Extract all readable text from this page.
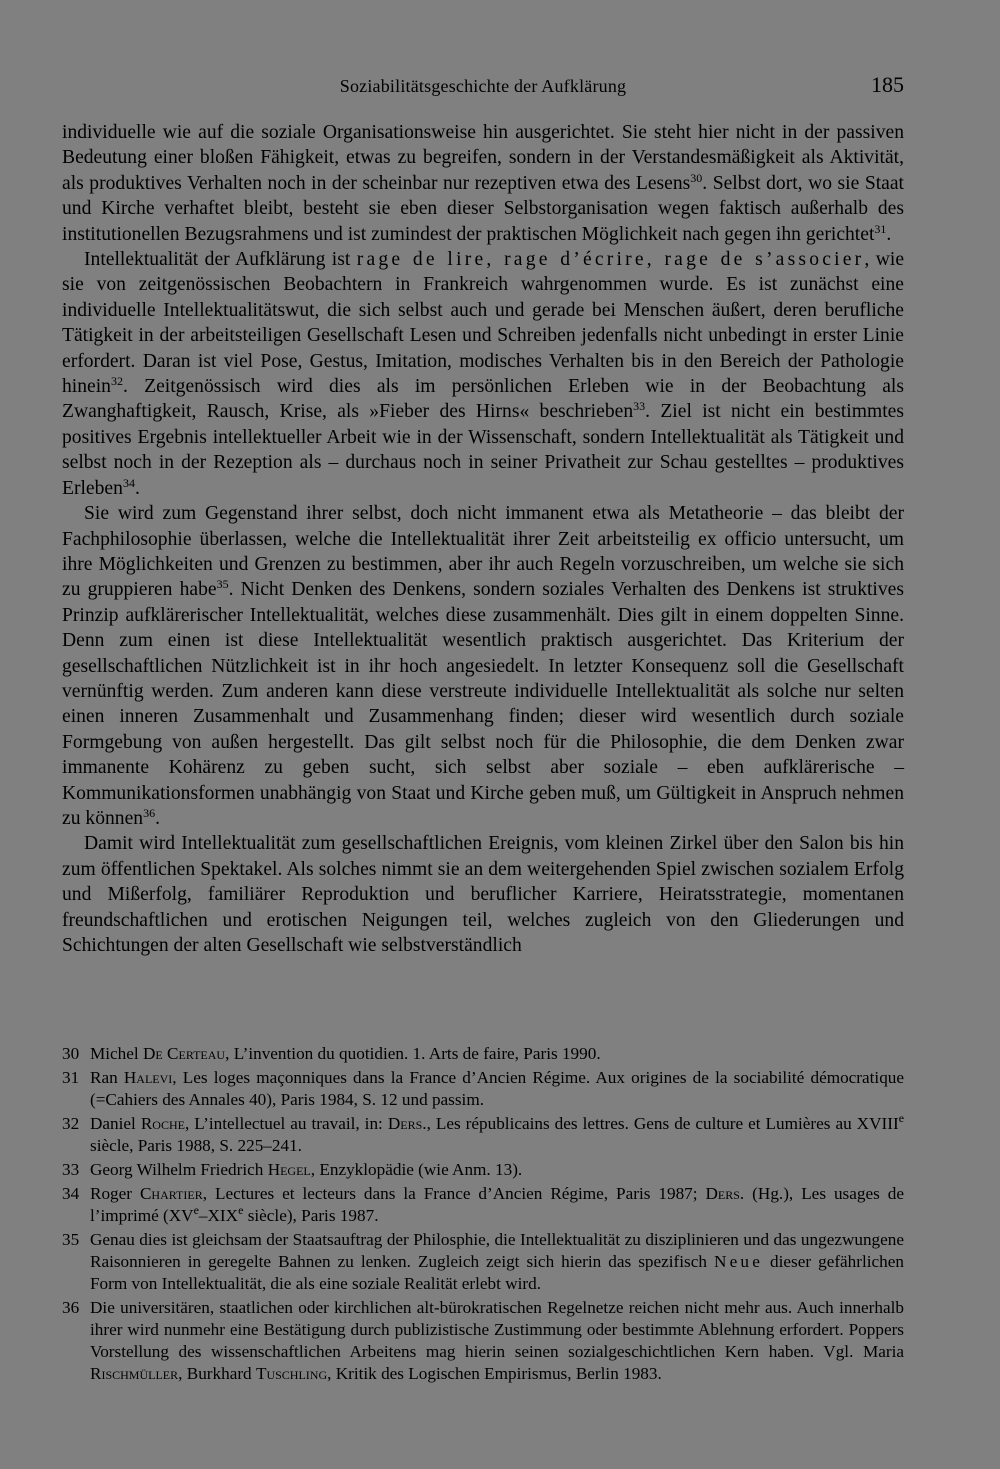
Soziabilitätsgeschichte der Aufklärung	185

individuelle wie auf die soziale Organisationsweise hin ausgerichtet. Sie steht hier nicht in der passiven Bedeutung einer bloßen Fähigkeit, etwas zu begreifen, sondern in der Verstandesmäßigkeit als Aktivität, als produktives Verhalten noch in der scheinbar nur rezeptiven etwa des Lesens$^{30}$. Selbst dort, wo sie Staat und Kirche verhaftet bleibt, besteht sie eben dieser Selbstorganisation wegen faktisch außerhalb des institutionellen Bezugsrahmens und ist zumindest der praktischen Möglichkeit nach gegen ihn gerichtet$^{31}$.

Intellektualität der Aufklärung ist rage de lire, rage d’écrire, rage de s’associer, wie sie von zeitgenössischen Beobachtern in Frankreich wahrgenommen wurde. Es ist zunächst eine individuelle Intellektualitätswut, die sich selbst auch und gerade bei Menschen äußert, deren berufliche Tätigkeit in der arbeitsteiligen Gesellschaft Lesen und Schreiben jedenfalls nicht unbedingt in erster Linie erfordert. Daran ist viel Pose, Gestus, Imitation, modisches Verhalten bis in den Bereich der Pathologie hinein$^{32}$. Zeitgenössisch wird dies als im persönlichen Erleben wie in der Beobachtung als Zwanghaftigkeit, Rausch, Krise, als »Fieber des Hirns« beschrieben$^{33}$. Ziel ist nicht ein bestimmtes positives Ergebnis intellektueller Arbeit wie in der Wissenschaft, sondern Intellektualität als Tätigkeit und selbst noch in der Rezeption als – durchaus noch in seiner Privatheit zur Schau gestelltes – produktives Erleben$^{34}$.

Sie wird zum Gegenstand ihrer selbst, doch nicht immanent etwa als Metatheorie – das bleibt der Fachphilosophie überlassen, welche die Intellektualität ihrer Zeit arbeitsteilig ex officio untersucht, um ihre Möglichkeiten und Grenzen zu bestimmen, aber ihr auch Regeln vorzuschreiben, um welche sie sich zu gruppieren habe$^{35}$. Nicht Denken des Denkens, sondern soziales Verhalten des Denkens ist struktives Prinzip aufklärerischer Intellektualität, welches diese zusammenhält. Dies gilt in einem doppelten Sinne. Denn zum einen ist diese Intellektualität wesentlich praktisch ausgerichtet. Das Kriterium der gesellschaftlichen Nützlichkeit ist in ihr hoch angesiedelt. In letzter Konsequenz soll die Gesellschaft vernünftig werden. Zum anderen kann diese verstreute individuelle Intellektualität als solche nur selten einen inneren Zusammenhalt und Zusammenhang finden; dieser wird wesentlich durch soziale Formgebung von außen hergestellt. Das gilt selbst noch für die Philosophie, die dem Denken zwar immanente Kohärenz zu geben sucht, sich selbst aber soziale – eben aufklärerische – Kommunikationsformen unabhängig von Staat und Kirche geben muß, um Gültigkeit in Anspruch nehmen zu können$^{36}$.

Damit wird Intellektualität zum gesellschaftlichen Ereignis, vom kleinen Zirkel über den Salon bis hin zum öffentlichen Spektakel. Als solches nimmt sie an dem weitergehenden Spiel zwischen sozialem Erfolg und Mißerfolg, familiärer Reproduktion und beruflicher Karriere, Heiratsstrategie, momentanen freundschaftlichen und erotischen Neigungen teil, welches zugleich von den Gliederungen und Schichtungen der alten Gesellschaft wie selbstverständlich

30 Michel De Certeau, L’invention du quotidien. 1. Arts de faire, Paris 1990.
31 Ran Halevi, Les loges maçonniques dans la France d’Ancien Régime. Aux origines de la sociabilité démocratique (=Cahiers des Annales 40), Paris 1984, S. 12 und passim.
32 Daniel Roche, L’intellectuel au travail, in: Ders., Les républicains des lettres. Gens de culture et Lumières au XVIIIe siècle, Paris 1988, S. 225–241.
33 Georg Wilhelm Friedrich Hegel, Enzyklopädie (wie Anm. 13).
34 Roger Chartier, Lectures et lecteurs dans la France d’Ancien Régime, Paris 1987; Ders. (Hg.), Les usages de l’imprimé (XVe–XIXe siècle), Paris 1987.
35 Genau dies ist gleichsam der Staatsauftrag der Philosphie, die Intellektualität zu disziplinieren und das ungezwungene Raisonnieren in geregelte Bahnen zu lenken. Zugleich zeigt sich hierin das spezifisch Neue dieser gefährlichen Form von Intellektualität, die als eine soziale Realität erlebt wird.
36 Die universitären, staatlichen oder kirchlichen alt-bürokratischen Regelnetze reichen nicht mehr aus. Auch innerhalb ihrer wird nunmehr eine Bestätigung durch publizistische Zustimmung oder bestimmte Ablehnung erfordert. Poppers Vorstellung des wissenschaftlichen Arbeitens mag hierin seinen sozialgeschichtlichen Kern haben. Vgl. Maria Rischmüller, Burkhard Tuschling, Kritik des Logischen Empirismus, Berlin 1983.
